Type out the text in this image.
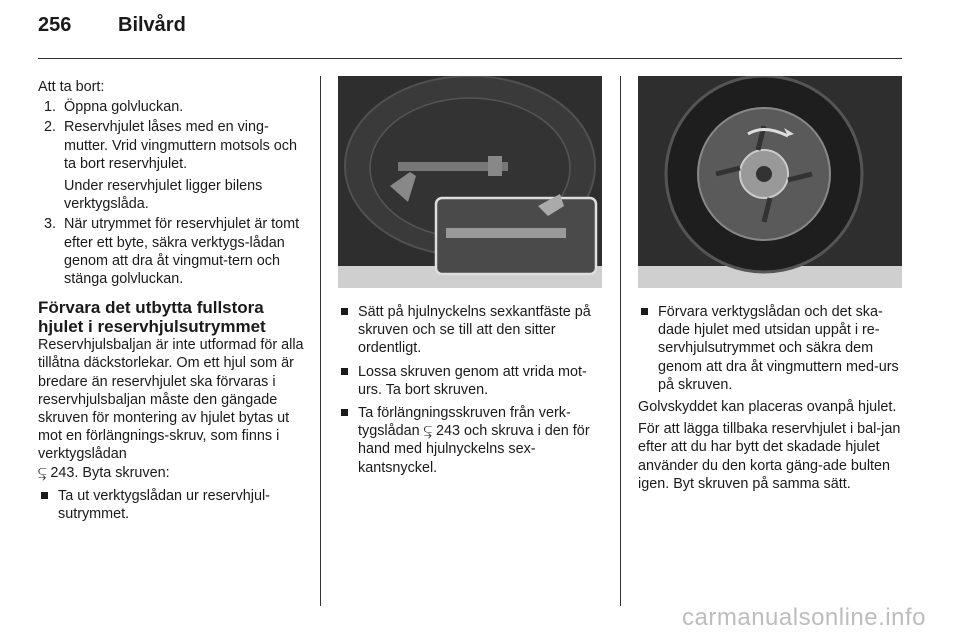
256 Bilvård

Att ta bort:

1. Öppna golvluckan.
2. Reservhjulet låses med en ving-mutter. Vrid vingmuttern motsols och ta bort reservhjulet.
Under reservhjulet ligger bilens verktygslåda.
3. När utrymmet för reservhjulet är tomt efter ett byte, säkra verktygs-lådan genom att dra åt vingmut-tern och stänga golvluckan.
Förvara det utbytta fullstora hjulet i reservhjulsutrymmet

Reservhjulsbaljan är inte utformad för alla tillåtna däckstorlekar. Om ett hjul som är bredare än reservhjulet ska förvaras i reservhjulsbaljan måste den gängade skruven för montering av hjulet bytas ut mot en förlängnings-skruv, som finns i verktygslådan
⥹ 243. Byta skruven:

Ta ut verktygslådan ur reservhjul-sutrymmet.
Sätt på hjulnyckelns sexkantfäste på skruven och se till att den sitter ordentligt.
Lossa skruven genom att vrida mot-urs. Ta bort skruven.
Ta förlängningsskruven från verk-tygslådan ⥹ 243 och skruva i den för hand med hjulnyckelns sex-kantsnyckel.
Förvara verktygslådan och det ska-dade hjulet med utsidan uppåt i re-servhjulsutrymmet och säkra dem genom att dra åt vingmuttern med-urs på skruven.

Golvskyddet kan placeras ovanpå hjulet.

För att lägga tillbaka reservhjulet i bal-jan efter att du har bytt det skadade hjulet använder du den korta gäng-ade bulten igen. Byt skruven på samma sätt.

carmanualsonline.info
